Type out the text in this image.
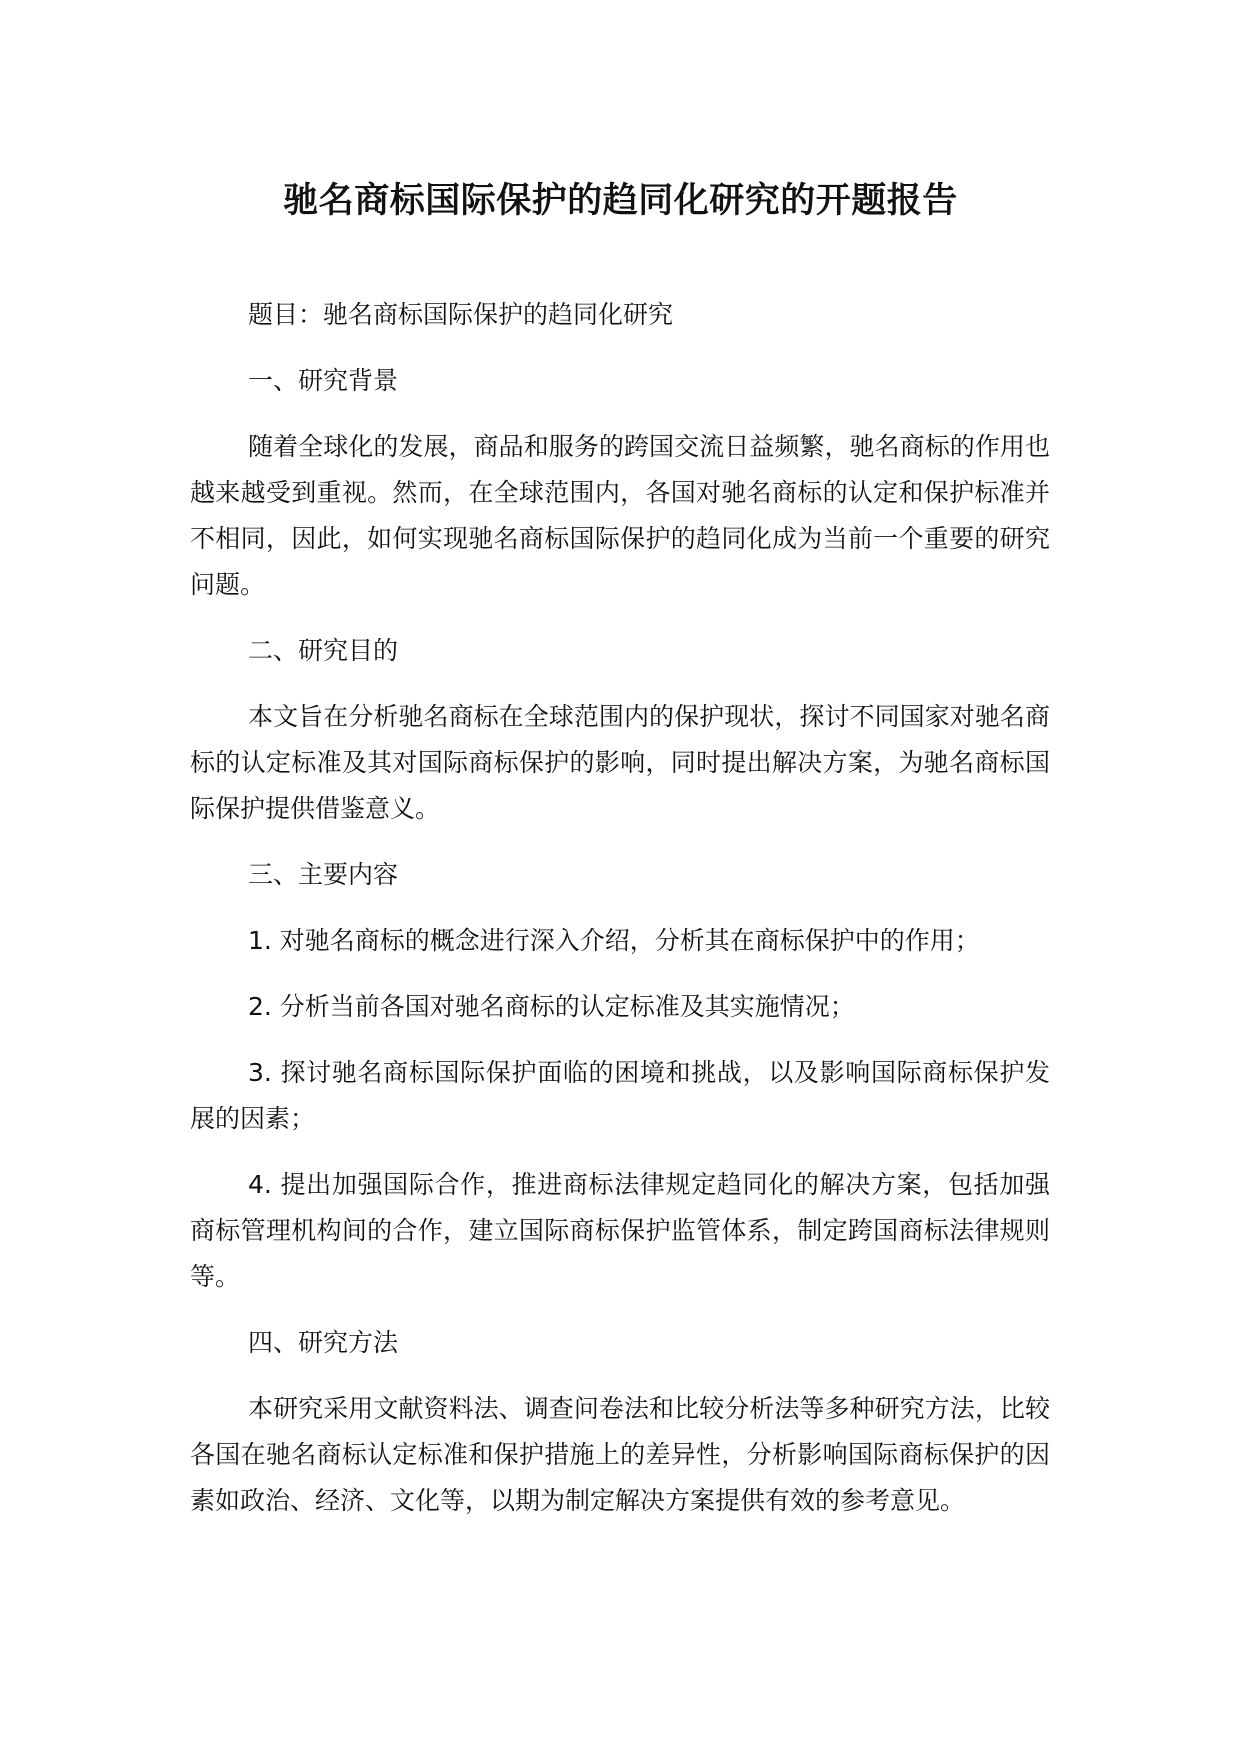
驰名商标国际保护的趋同化研究的开题报告

题目：驰名商标国际保护的趋同化研究

一、研究背景

随着全球化的发展，商品和服务的跨国交流日益频繁，驰名商标的作用也越来越受到重视。然而，在全球范围内，各国对驰名商标的认定和保护标准并不相同，因此，如何实现驰名商标国际保护的趋同化成为当前一个重要的研究问题。

二、研究目的

本文旨在分析驰名商标在全球范围内的保护现状，探讨不同国家对驰名商标的认定标准及其对国际商标保护的影响，同时提出解决方案，为驰名商标国际保护提供借鉴意义。

三、主要内容

1. 对驰名商标的概念进行深入介绍，分析其在商标保护中的作用；

2. 分析当前各国对驰名商标的认定标准及其实施情况；

3. 探讨驰名商标国际保护面临的困境和挑战，以及影响国际商标保护发展的因素；

4. 提出加强国际合作，推进商标法律规定趋同化的解决方案，包括加强商标管理机构间的合作，建立国际商标保护监管体系，制定跨国商标法律规则等。

四、研究方法

本研究采用文献资料法、调查问卷法和比较分析法等多种研究方法，比较各国在驰名商标认定标准和保护措施上的差异性，分析影响国际商标保护的因素如政治、经济、文化等，以期为制定解决方案提供有效的参考意见。
